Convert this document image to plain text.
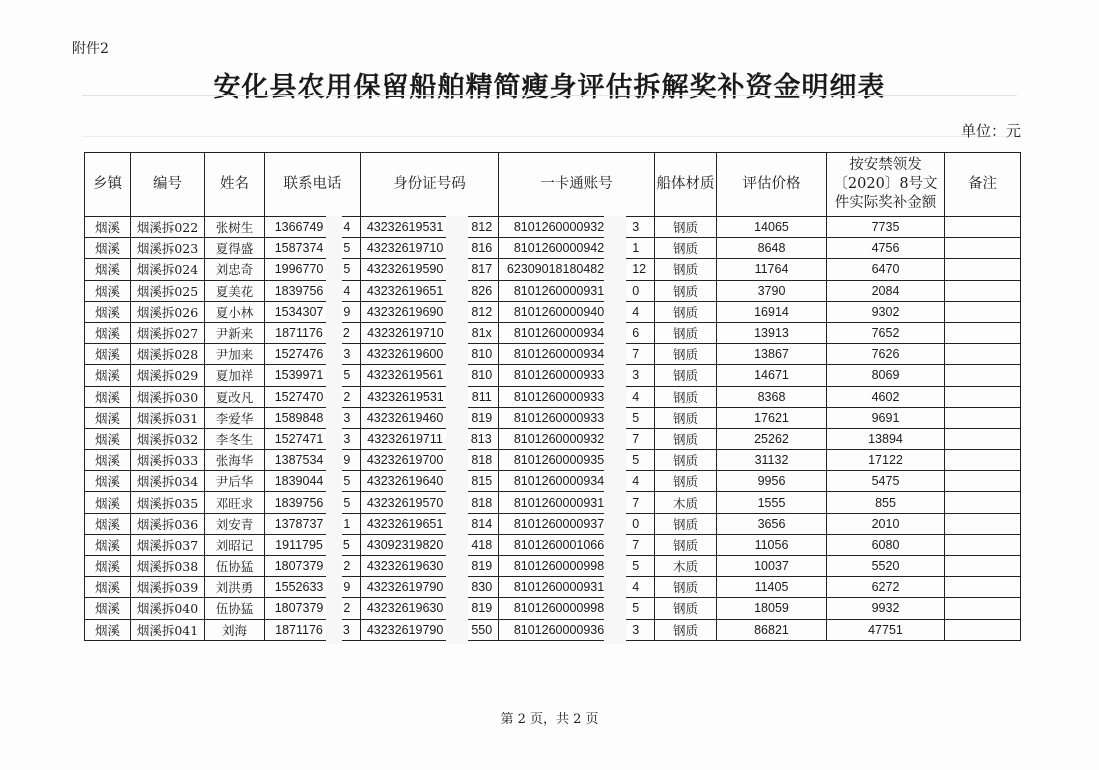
附件2
安化县农用保留船舶精简瘦身评估拆解奖补资金明细表
单位：元
乡镇	编号	姓名	联系电话	身份证号码	一卡通账号	船体材质	评估价格	按安禁领发〔2020〕8号文件实际奖补金额	备注
烟溪	烟溪拆022	张树生	1366749 4	43232619531 812	8101260000932 3	钢质	14065	7735	
烟溪	烟溪拆023	夏得盛	1587374 5	43232619710 816	8101260000942 1	钢质	8648	4756	
烟溪	烟溪拆024	刘忠奇	1996770 5	43232619590 817	62309018180482 12	钢质	11764	6470	
烟溪	烟溪拆025	夏美花	1839756 4	43232619651 826	8101260000931 0	钢质	3790	2084	
烟溪	烟溪拆026	夏小林	1534307 9	43232619690 812	8101260000940 4	钢质	16914	9302	
烟溪	烟溪拆027	尹新来	1871176 2	43232619710 81x	8101260000934 6	钢质	13913	7652	
烟溪	烟溪拆028	尹加来	1527476 3	43232619600 810	8101260000934 7	钢质	13867	7626	
烟溪	烟溪拆029	夏加祥	1539971 5	43232619561 810	8101260000933 3	钢质	14671	8069	
烟溪	烟溪拆030	夏改凡	1527470 2	43232619531 811	8101260000933 4	钢质	8368	4602	
烟溪	烟溪拆031	李爱华	1589848 3	43232619460 819	8101260000933 5	钢质	17621	9691	
烟溪	烟溪拆032	李冬生	1527471 3	43232619711 813	8101260000932 7	钢质	25262	13894	
烟溪	烟溪拆033	张海华	1387534 9	43232619700 818	8101260000935 5	钢质	31132	17122	
烟溪	烟溪拆034	尹后华	1839044 5	43232619640 815	8101260000934 4	钢质	9956	5475	
烟溪	烟溪拆035	邓旺求	1839756 5	43232619570 818	8101260000931 7	木质	1555	855	
烟溪	烟溪拆036	刘安青	1378737 1	43232619651 814	8101260000937 0	钢质	3656	2010	
烟溪	烟溪拆037	刘昭记	1911795 5	43092319820 418	8101260001066 7	钢质	11056	6080	
烟溪	烟溪拆038	伍协猛	1807379 2	43232619630 819	8101260000998 5	木质	10037	5520	
烟溪	烟溪拆039	刘洪勇	1552633 9	43232619790 830	8101260000931 4	钢质	11405	6272	
烟溪	烟溪拆040	伍协猛	1807379 2	43232619630 819	8101260000998 5	钢质	18059	9932	
烟溪	烟溪拆041	刘海	1871176 3	43232619790 550	8101260000936 3	钢质	86821	47751	
第 2 页，共 2 页
